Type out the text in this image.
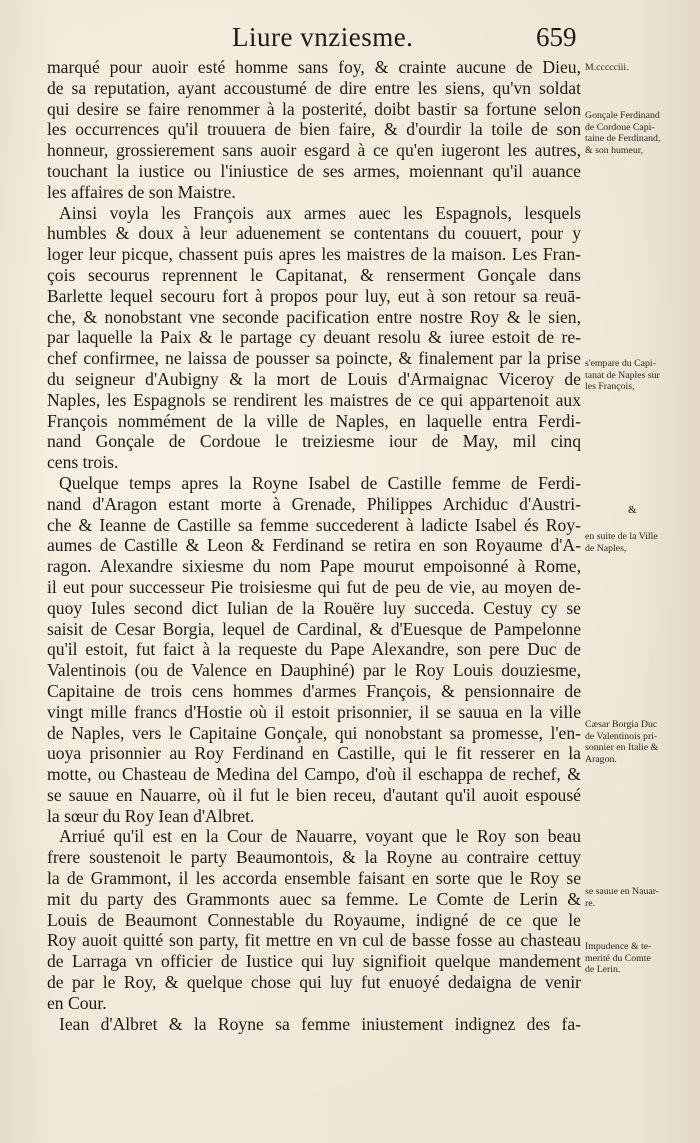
Liure vnziesme.	659
marqué pour auoir esté homme sans foy, & crainte aucune de Dieu,
de sa reputation, ayant accoustumé de dire entre les siens, qu'vn soldat
qui desire se faire renommer à la posterité, doibt bastir sa fortune selon
les occurrences qu'il trouuera de bien faire, & d'ourdir la toile de son
honneur, grossierement sans auoir esgard à ce qu'en iugeront les autres,
touchant la iustice ou l'iniustice de ses armes, moiennant qu'il auance
les affaires de son Maistre.
Ainsi voyla les François aux armes auec les Espagnols, lesquels
humbles & doux à leur aduenement se contentans du couuert, pour y
loger leur picque, chassent puis apres les maistres de la maison. Les Fran-
çois secourus reprennent le Capitanat, & renserment Gonçale dans
Barlette lequel secouru fort à propos pour luy, eut à son retour sa reuā-
che, & nonobstant vne seconde pacification entre nostre Roy & le sien,
par laquelle la Paix & le partage cy deuant resolu & iuree estoit de re-
chef confirmee, ne laissa de pousser sa poincte, & finalement par la prise
du seigneur d'Aubigny & la mort de Louis d'Armaignac Viceroy de
Naples, les Espagnols se rendirent les maistres de ce qui appartenoit aux
François nommément de la ville de Naples, en laquelle entra Ferdi-
nand Gonçale de Cordoue le treiziesme iour de May, mil cinq
cens trois.
Quelque temps apres la Royne Isabel de Castille femme de Ferdi-
nand d'Aragon estant morte à Grenade, Philippes Archiduc d'Austri-
che & Ieanne de Castille sa femme succederent à ladicte Isabel és Roy-
aumes de Castille & Leon & Ferdinand se retira en son Royaume d'A-
ragon. Alexandre sixiesme du nom Pape mourut empoisonné à Rome,
il eut pour successeur Pie troisiesme qui fut de peu de vie, au moyen de-
quoy Iules second dict Iulian de la Rouëre luy succeda. Cestuy cy se
saisit de Cesar Borgia, lequel de Cardinal, & d'Euesque de Pampelonne
qu'il estoit, fut faict à la requeste du Pape Alexandre, son pere Duc de
Valentinois (ou de Valence en Dauphiné) par le Roy Louis douziesme,
Capitaine de trois cens hommes d'armes François, & pensionnaire de
vingt mille francs d'Hostie où il estoit prisonnier, il se sauua en la ville
de Naples, vers le Capitaine Gonçale, qui nonobstant sa promesse, l'en-
uoya prisonnier au Roy Ferdinand en Castille, qui le fit resserer en la
motte, ou Chasteau de Medina del Campo, d'où il eschappa de rechef, &
se sauue en Nauarre, où il fut le bien receu, d'autant qu'il auoit espousé
la sœur du Roy Iean d'Albret.
Arriué qu'il est en la Cour de Nauarre, voyant que le Roy son beau
frere soustenoit le party Beaumontois, & la Royne au contraire cettuy
la de Grammont, il les accorda ensemble faisant en sorte que le Roy se
mit du party des Grammonts auec sa femme. Le Comte de Lerin &
Louis de Beaumont Connestable du Royaume, indigné de ce que le
Roy auoit quitté son party, fit mettre en vn cul de basse fosse au chasteau
de Larraga vn officier de Iustice qui luy signifioit quelque mandement
de par le Roy, & quelque chose qui luy fut enuoyé dedaigna de venir
en Cour.
Iean d'Albret & la Royne sa femme iniustement indignez des fa-
M.ccccciii.
Gonçale Ferdinand
de Cordoue Capi-
taine de Ferdinand,
& son humeur,
s'empare du Capi-
tanat de Naples sur
les François,
&
en suite de la Ville
de Naples,
Cæsar Borgia Duc
de Valentinois pri-
sonnier en Italie &
Aragon.
se sauue en Nauar-
re.
Impudence & te-
merité du Comte
de Lerin.
